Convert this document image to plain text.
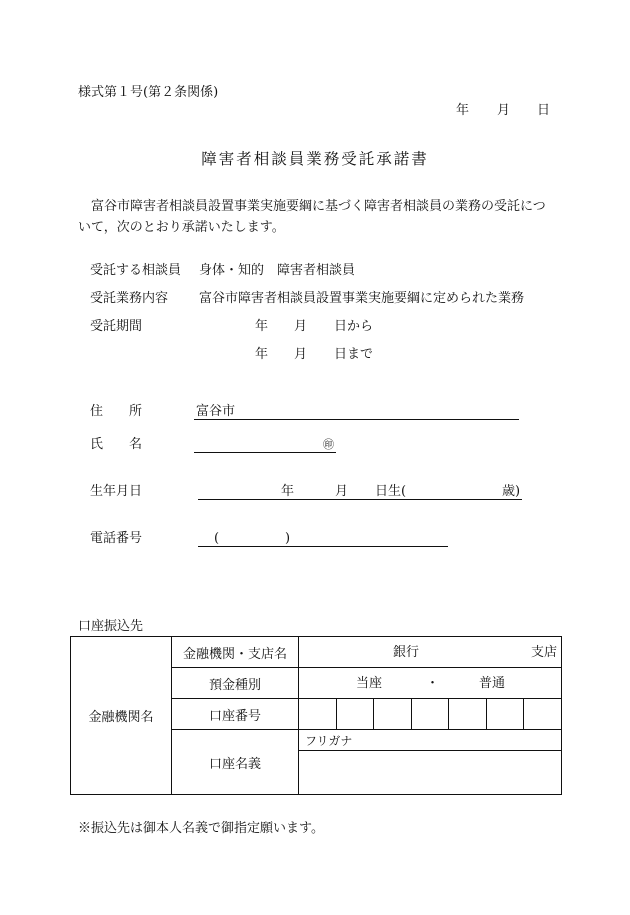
様式第１号(第２条関係)
年 月 日
障害者相談員業務受託承諾書
富谷市障害者相談員設置事業実施要綱に基づく障害者相談員の業務の受託について，次のとおり承諾いたします。
受託する相談員 身体・知的　障害者相談員
受託業務内容 富谷市障害者相談員設置事業実施要綱に定められた業務
受託期間	年 月 日から
年 月 日まで
住　　所	富谷市
氏　　名	㊞
生年月日	年	月 日生(	歳)
電話番号	(	)
口座振込先
金融機関名	金融機関・支店名	銀行 支店

	預金種別	当座 ・ 普通

	口座番号	

	口座名義	フリガナ

※振込先は御本人名義で御指定願います。
